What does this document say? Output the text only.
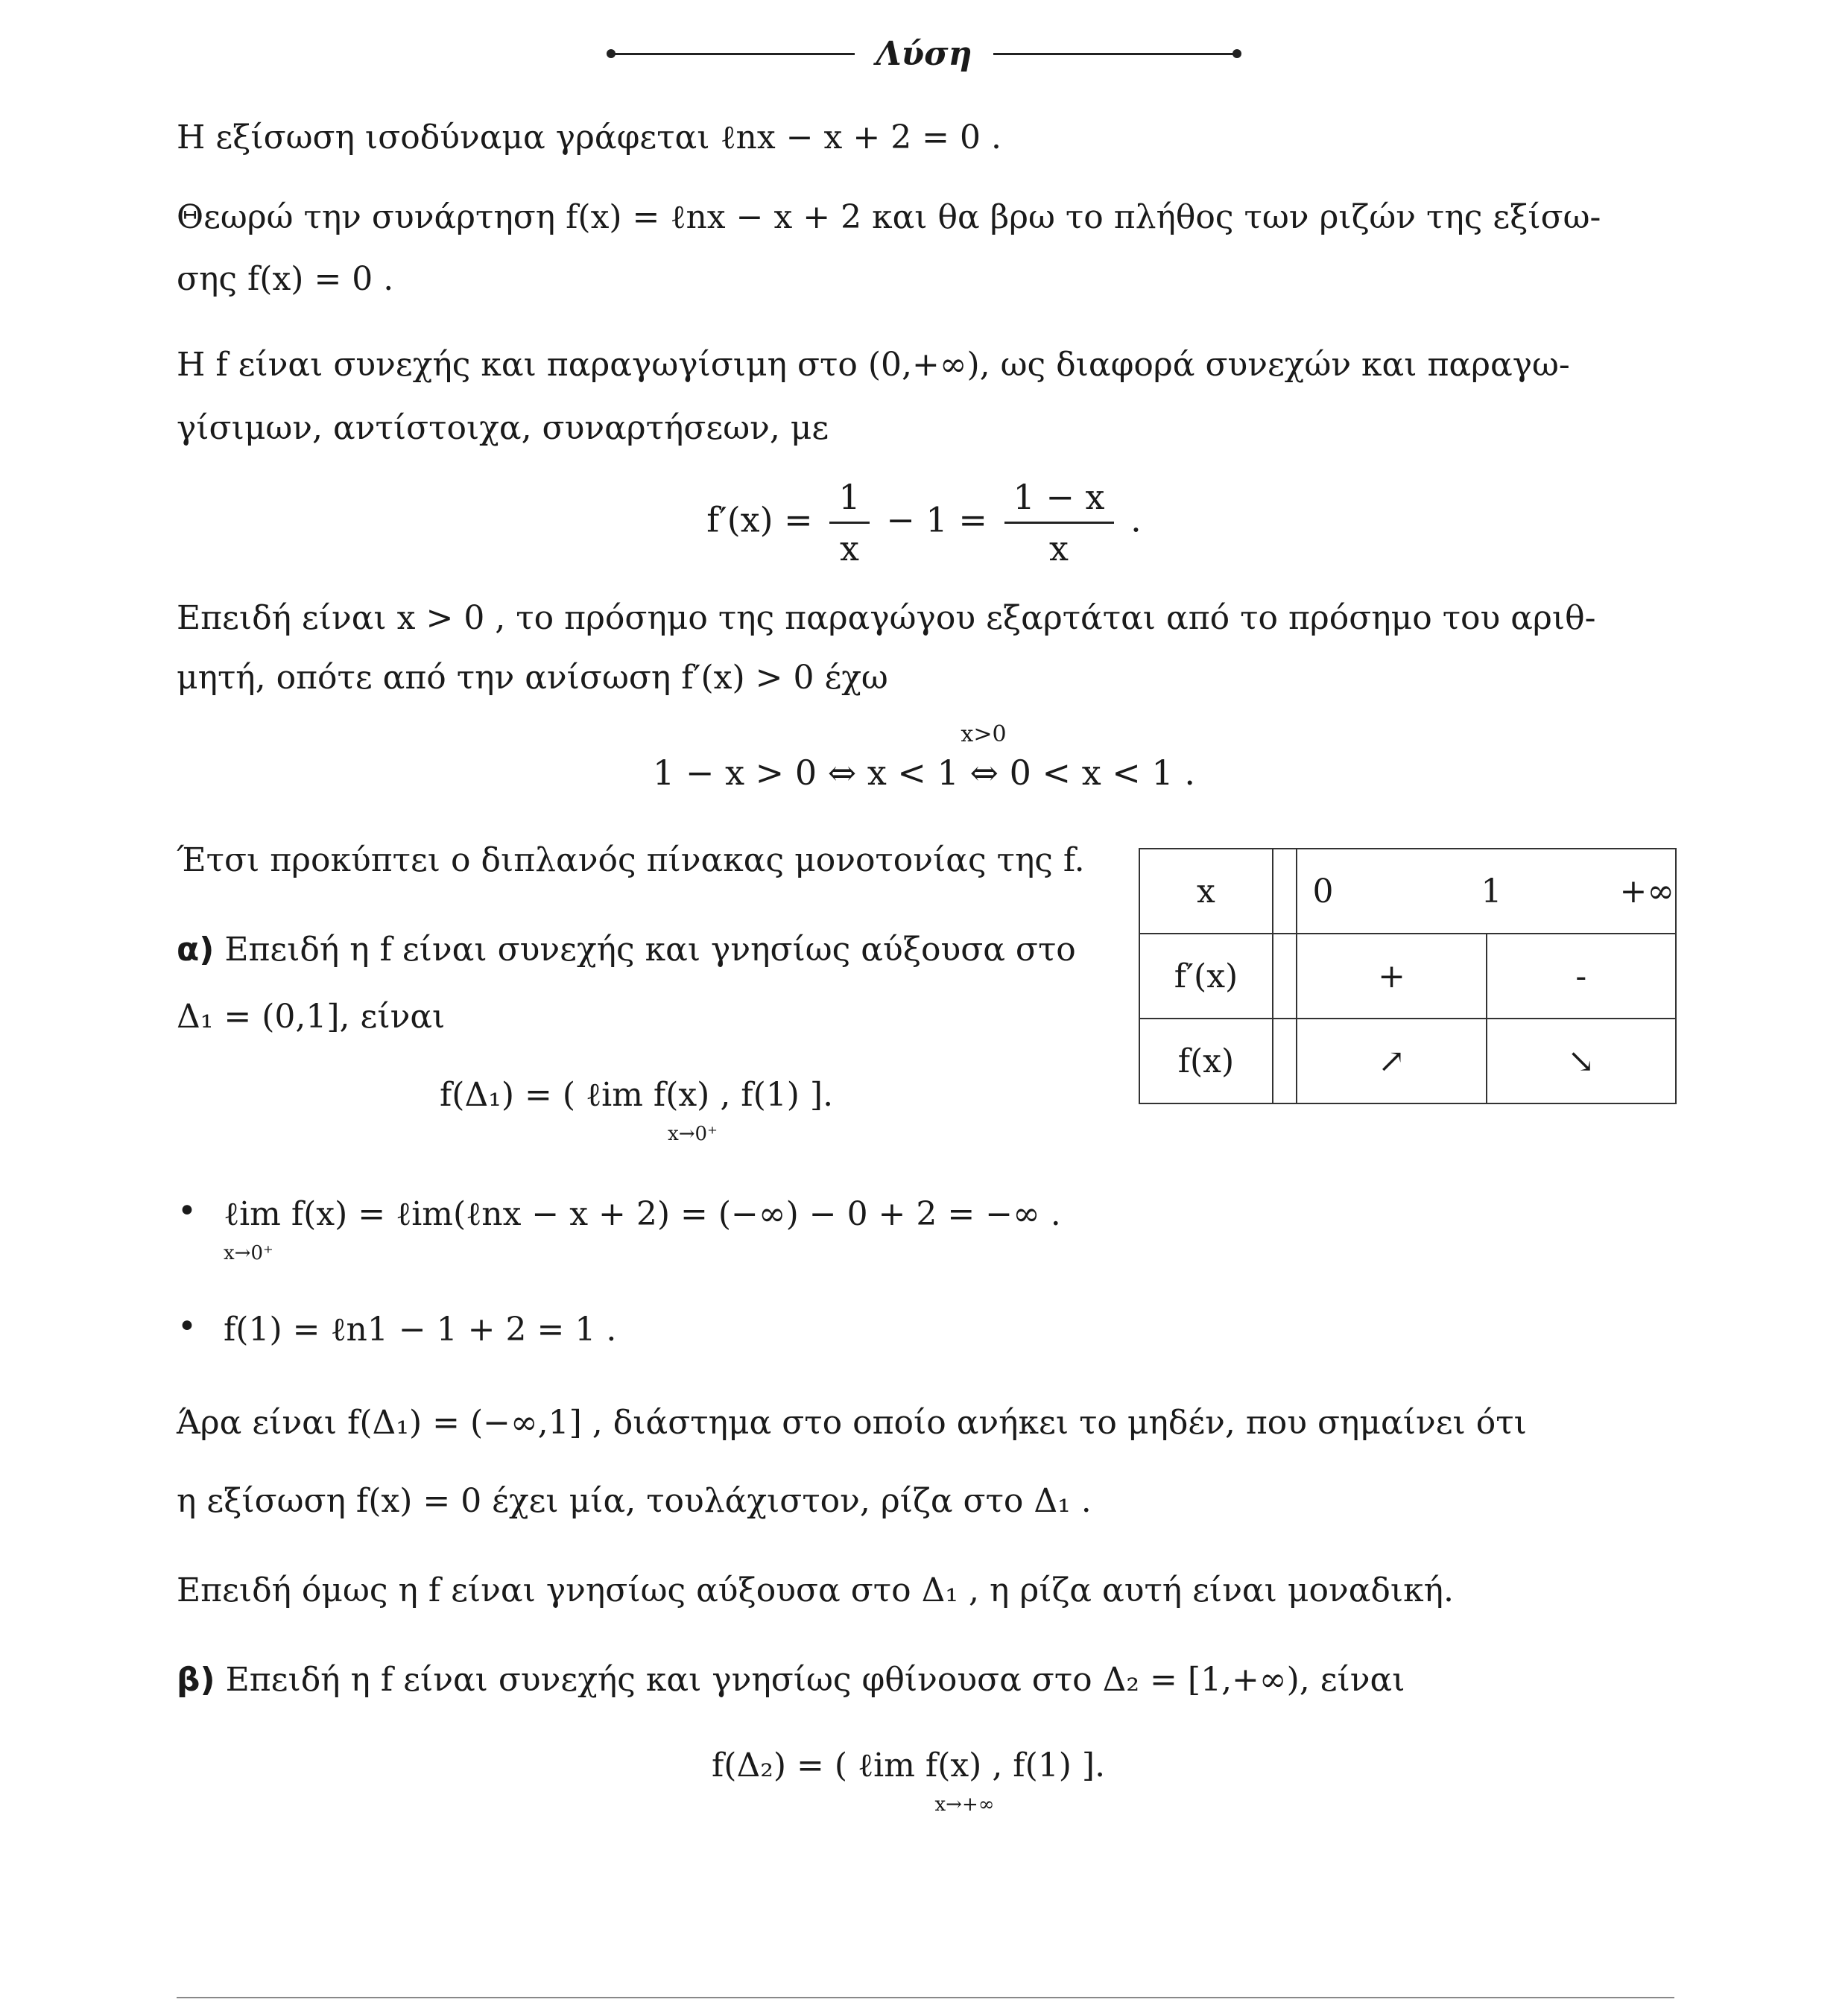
Λύση
Η εξίσωση ισοδύναμα γράφεται ℓnx − x + 2 = 0 .
Θεωρώ την συνάρτηση f(x) = ℓnx − x + 2 και θα βρω το πλήθος των ριζών της εξίσω-
σης f(x) = 0 .
Η f είναι συνεχής και παραγωγίσιμη στο (0,+∞), ως διαφορά συνεχών και παραγω-
γίσιμων, αντίστοιχα, συναρτήσεων, με
$f'(x) = \frac{1}{x} - 1 = \frac{1 - x}{x}$ .
Επειδή είναι x > 0 , το πρόσημο της παραγώγου εξαρτάται από το πρόσημο του αριθ-
μητή, οπότε από την ανίσωση f′(x) > 0 έχω
x>0
1 − x > 0 ⇔ x < 1 ⇔ 0 < x < 1 .
Έτσι προκύπτει ο διπλανός πίνακας μονοτονίας της f.
α) Επειδή η f είναι συνεχής και γνησίως αύξουσα στο
Δ₁ = (0,1], είναι
f(Δ₁) = ( ℓim f(x) , f(1)
x→0⁺
].
• ℓim f(x) = ℓim(ℓnx − x + 2) = (−∞) − 0 + 2 = −∞ .
x→0⁺
• f(1) = ℓn1 − 1 + 2 = 1 .
Άρα είναι f(Δ₁) = (−∞,1] , διάστημα στο οποίο ανήκει το μηδέν, που σημαίνει ότι
η εξίσωση f(x) = 0 έχει μία, τουλάχιστον, ρίζα στο Δ₁ .
Επειδή όμως η f είναι γνησίως αύξουσα στο Δ₁ , η ρίζα αυτή είναι μοναδική.
β) Επειδή η f είναι συνεχής και γνησίως φθίνουσα στο Δ₂ = [1,+∞), είναι
f(Δ₂) = ( ℓim f(x) , f(1)
x→+∞
].
x		0 1 +∞	
f′(x)		+	-
f(x)		↗	↘
